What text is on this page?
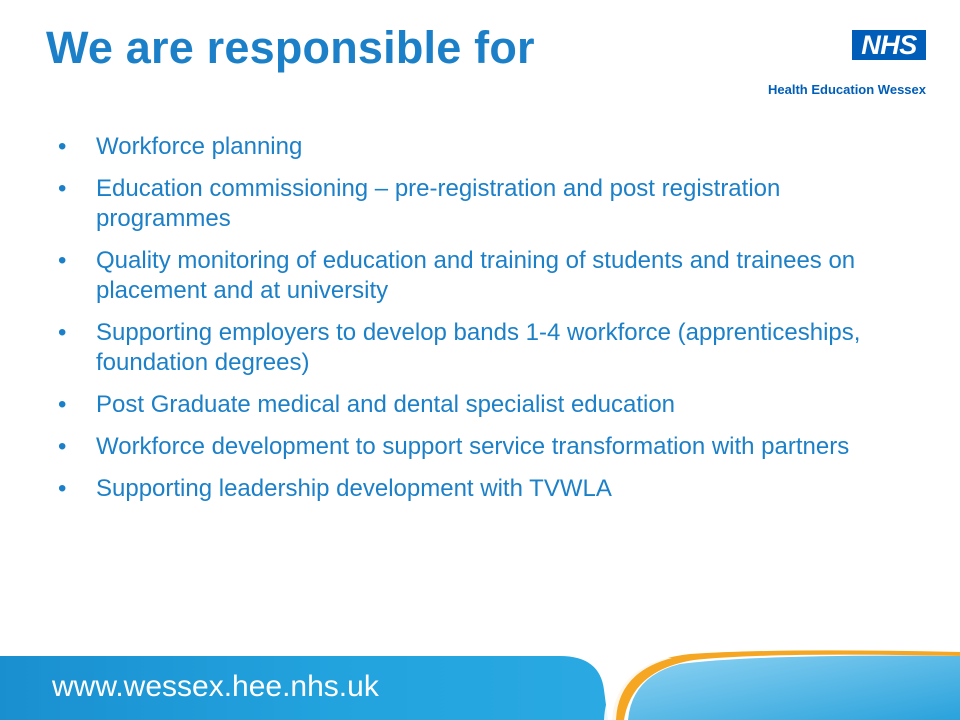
We are responsible for	NHS
Health Education Wessex
• Workforce planning
• Education commissioning – pre-registration and post registration programmes
• Quality monitoring of education and training of students and trainees on placement and at university
• Supporting employers to develop bands 1-4 workforce (apprenticeships, foundation degrees)
• Post Graduate medical and dental specialist education
• Workforce development to support service transformation with partners
• Supporting leadership development with TVWLA
www.wessex.hee.nhs.uk
